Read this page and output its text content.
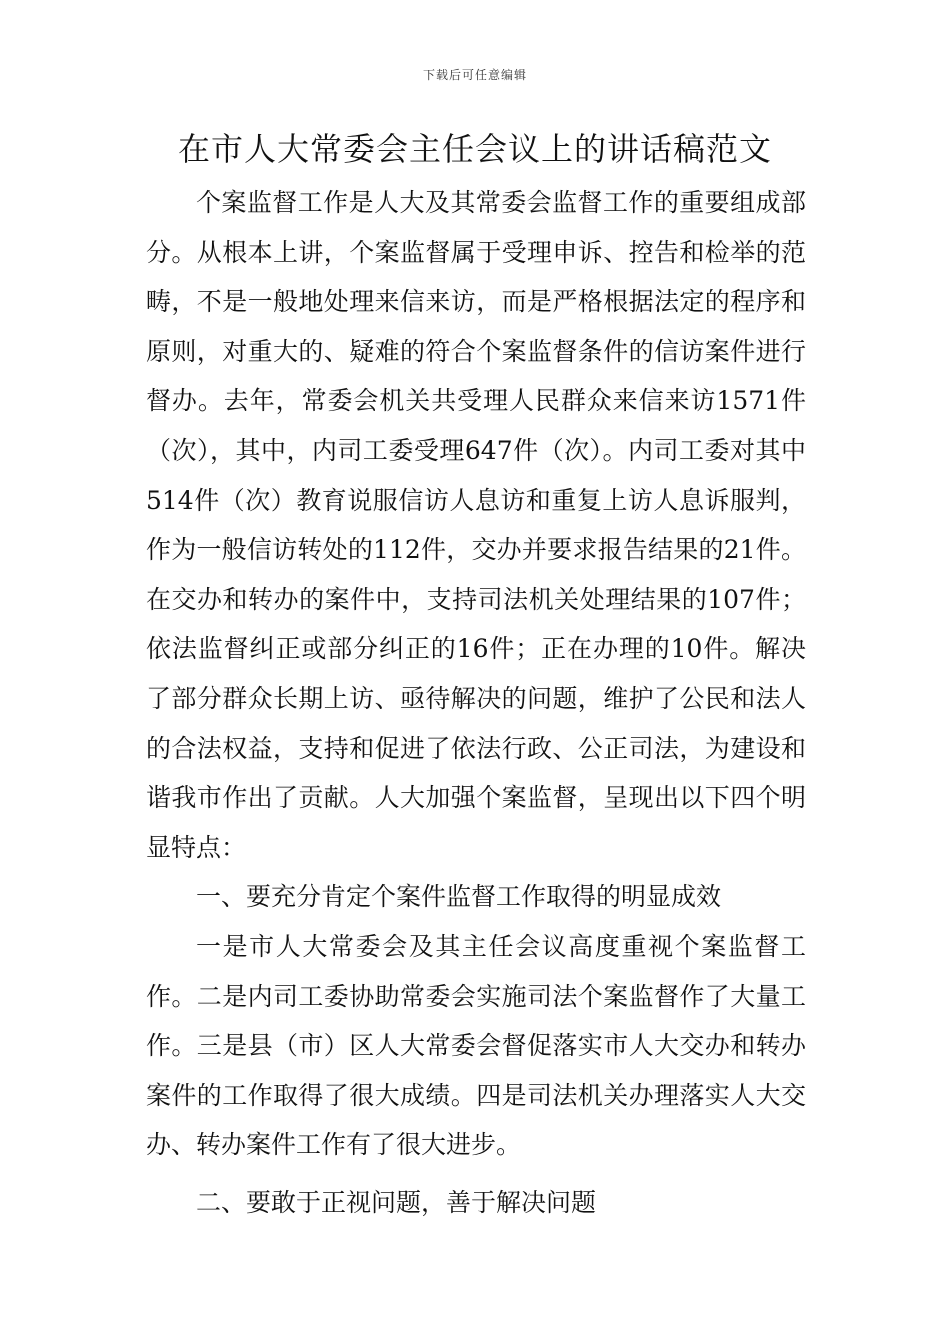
下载后可任意编辑
在市人大常委会主任会议上的讲话稿范文

个案监督工作是人大及其常委会监督工作的重要组成部分。从根本上讲，个案监督属于受理申诉、控告和检举的范畴，不是一般地处理来信来访，而是严格根据法定的程序和原则，对重大的、疑难的符合个案监督条件的信访案件进行督办。去年，常委会机关共受理人民群众来信来访1571件（次），其中，内司工委受理647件（次）。内司工委对其中514件（次）教育说服信访人息访和重复上访人息诉服判，作为一般信访转处的112件，交办并要求报告结果的21件。在交办和转办的案件中，支持司法机关处理结果的107件；依法监督纠正或部分纠正的16件；正在办理的10件。解决了部分群众长期上访、亟待解决的问题，维护了公民和法人的合法权益，支持和促进了依法行政、公正司法，为建设和谐我市作出了贡献。人大加强个案监督，呈现出以下四个明显特点：

一、要充分肯定个案件监督工作取得的明显成效

一是市人大常委会及其主任会议高度重视个案监督工作。二是内司工委协助常委会实施司法个案监督作了大量工作。三是县（市）区人大常委会督促落实市人大交办和转办案件的工作取得了很大成绩。四是司法机关办理落实人大交办、转办案件工作有了很大进步。

二、要敢于正视问题，善于解决问题
